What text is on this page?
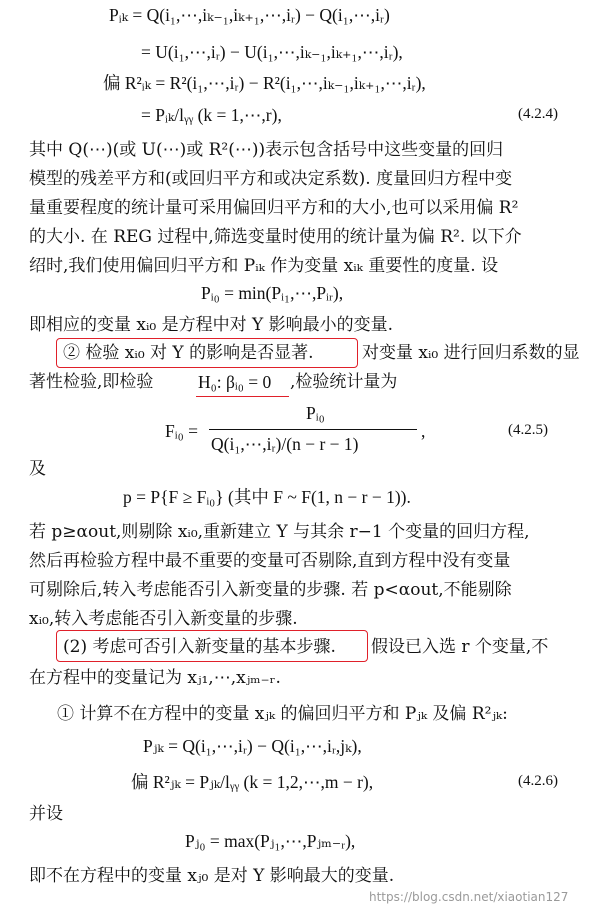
Pᵢₖ = Q(i₁,⋯,iₖ₋₁,iₖ₊₁,⋯,iᵣ) − Q(i₁,⋯,iᵣ)
= U(i₁,⋯,iᵣ) − U(i₁,⋯,iₖ₋₁,iₖ₊₁,⋯,iᵣ),
偏 R²ᵢₖ = R²(i₁,⋯,iᵣ) − R²(i₁,⋯,iₖ₋₁,iₖ₊₁,⋯,iᵣ),
= Pᵢₖ/lᵧᵧ (k = 1,⋯,r),	(4.2.4)
其中 Q(⋯)(或 U(⋯)或 R²(⋯))表示包含括号中这些变量的回归
模型的残差平方和(或回归平方和或决定系数). 度量回归方程中变
量重要程度的统计量可采用偏回归平方和的大小,也可以采用偏 R²
的大小. 在 REG 过程中,筛选变量时使用的统计量为偏 R². 以下介
绍时,我们使用偏回归平方和 Pᵢₖ 作为变量 xᵢₖ 重要性的度量. 设
Pᵢ₀ = min(Pᵢ₁,⋯,Pᵢᵣ),
即相应的变量 xᵢ₀ 是方程中对 Y 影响最小的变量.
② 检验 xᵢ₀ 对 Y 的影响是否显著.	对变量 xᵢ₀ 进行回归系数的显
著性检验,即检验	H₀: βᵢ₀ = 0 ,检验统计量为
Fᵢ₀ =
Pᵢ₀
Q(i₁,⋯,iᵣ)/(n − r − 1)
,	(4.2.5)
及
p = P{F ≥ Fᵢ₀} (其中 F ~ F(1, n − r − 1)).
若 p≥αout,则剔除 xᵢ₀,重新建立 Y 与其余 r−1 个变量的回归方程,
然后再检验方程中最不重要的变量可否剔除,直到方程中没有变量
可剔除后,转入考虑能否引入新变量的步骤. 若 p<αout,不能剔除
xᵢ₀,转入考虑能否引入新变量的步骤.
(2) 考虑可否引入新变量的基本步骤. 假设已入选 r 个变量,不
在方程中的变量记为 xⱼ₁,⋯,xⱼₘ₋ᵣ.
① 计算不在方程中的变量 xⱼₖ 的偏回归平方和 Pⱼₖ 及偏 R²ⱼₖ:
Pⱼₖ = Q(i₁,⋯,iᵣ) − Q(i₁,⋯,iᵣ,jₖ),
偏 R²ⱼₖ = Pⱼₖ/lᵧᵧ (k = 1,2,⋯,m − r),	(4.2.6)
并设
Pⱼ₀ = max(Pⱼ₁,⋯,Pⱼₘ₋ᵣ),
即不在方程中的变量 xⱼ₀ 是对 Y 影响最大的变量.
https://blog.csdn.net/xiaotian127
